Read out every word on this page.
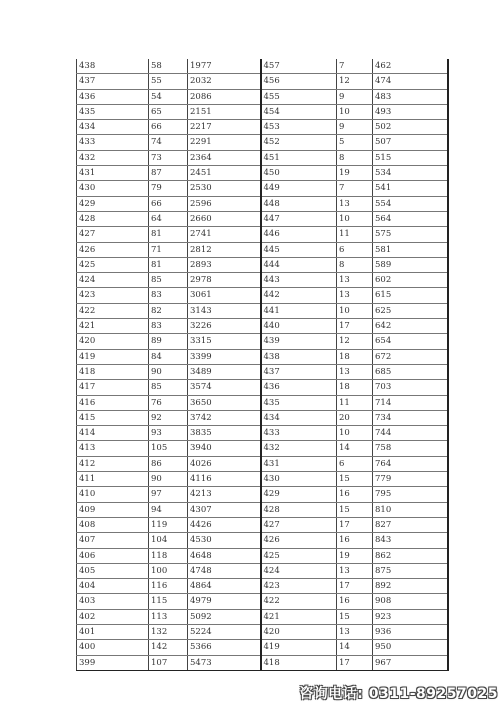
438	58	1977	457	7	462
437	55	2032	456	12	474
436	54	2086	455	9	483
435	65	2151	454	10	493
434	66	2217	453	9	502
433	74	2291	452	5	507
432	73	2364	451	8	515
431	87	2451	450	19	534
430	79	2530	449	7	541
429	66	2596	448	13	554
428	64	2660	447	10	564
427	81	2741	446	11	575
426	71	2812	445	6	581
425	81	2893	444	8	589
424	85	2978	443	13	602
423	83	3061	442	13	615
422	82	3143	441	10	625
421	83	3226	440	17	642
420	89	3315	439	12	654
419	84	3399	438	18	672
418	90	3489	437	13	685
417	85	3574	436	18	703
416	76	3650	435	11	714
415	92	3742	434	20	734
414	93	3835	433	10	744
413	105	3940	432	14	758
412	86	4026	431	6	764
411	90	4116	430	15	779
410	97	4213	429	16	795
409	94	4307	428	15	810
408	119	4426	427	17	827
407	104	4530	426	16	843
406	118	4648	425	19	862
405	100	4748	424	13	875
404	116	4864	423	17	892
403	115	4979	422	16	908
402	113	5092	421	15	923
401	132	5224	420	13	936
400	142	5366	419	14	950
399	107	5473	418	17	967
咨询电话: 0311-89257025
